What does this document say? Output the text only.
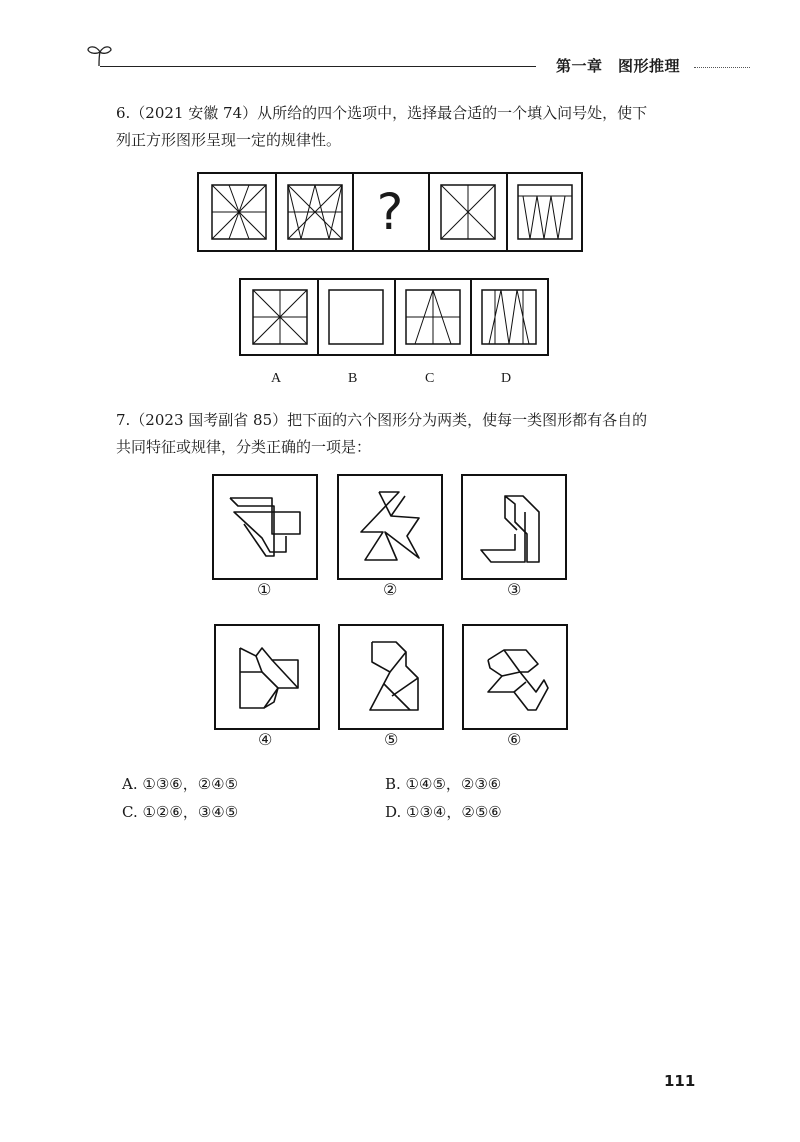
第一章　图形推理
6.（2021 安徽 74）从所给的四个选项中，选择最合适的一个填入问号处，使下
列正方形图形呈现一定的规律性。
?
A	B	C	D
7.（2023 国考副省 85）把下面的六个图形分为两类，使每一类图形都有各自的
共同特征或规律，分类正确的一项是：
①	②	③
④	⑤	⑥
A. ①③⑥，②④⑤	B. ①④⑤，②③⑥
C. ①②⑥，③④⑤	D. ①③④，②⑤⑥
111
